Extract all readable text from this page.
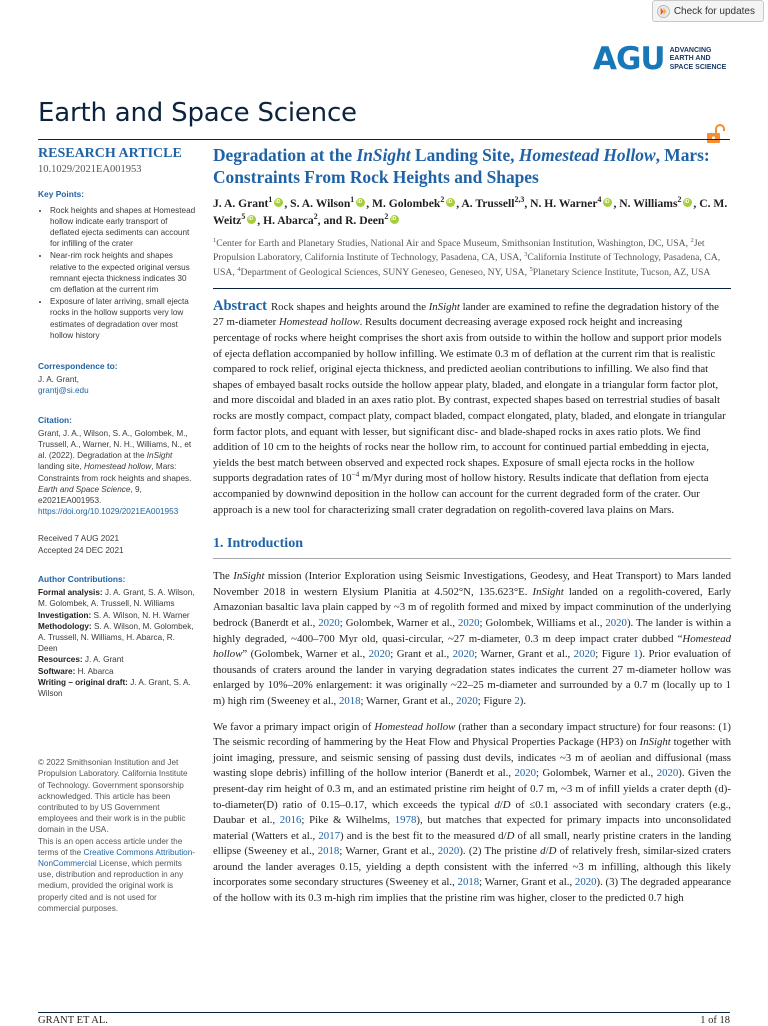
Check for updates
AGU ADVANCING
EARTH AND
SPACE SCIENCE
Earth and Space Science

RESEARCH ARTICLE

10.1029/2021EA001953

Key Points:

• Rock heights and shapes at Homestead hollow indicate early transport of deflated ejecta sediments can account for infilling of the crater
• Near-rim rock heights and shapes relative to the expected original versus remnant ejecta thickness indicates 30 cm deflation at the current rim
• Exposure of later arriving, small ejecta rocks in the hollow supports very low estimates of degradation over most hollow history

Correspondence to:

J. A. Grant,
grantj@si.edu

Citation:

Grant, J. A., Wilson, S. A., Golombek, M., Trussell, A., Warner, N. H., Williams, N., et al. (2022). Degradation at the InSight landing site, Homestead hollow, Mars: Constraints from rock heights and shapes. Earth and Space Science, 9, e2021EA001953. https://doi.org/10.1029/2021EA001953
Received 7 AUG 2021
Accepted 24 DEC 2021

Author Contributions:

Formal analysis: J. A. Grant, S. A. Wilson, M. Golombek, A. Trussell, N. Williams
Investigation: S. A. Wilson, N. H. Warner
Methodology: S. A. Wilson, M. Golombek, A. Trussell, N. Williams, H. Abarca, R. Deen
Resources: J. A. Grant
Software: H. Abarca
Writing – original draft: J. A. Grant, S. A. Wilson
© 2022 Smithsonian Institution and Jet Propulsion Laboratory. California Institute of Technology. Government sponsorship acknowledged. This article has been contributed to by US Government employees and their work is in the public domain in the USA.
This is an open access article under the terms of the Creative Commons Attribution-NonCommercial License, which permits use, distribution and reproduction in any medium, provided the original work is properly cited and is not used for commercial purposes.
Degradation at the InSight Landing Site, Homestead Hollow, Mars: Constraints From Rock Heights and Shapes

J. A. Grant$^1$ iD , S. A. Wilson$^1$ iD , M. Golombek$^2$ iD , A. Trussell$^{2,3}$, N. H. Warner$^4$ iD , N. Williams$^2$ iD , C. M. Weitz$^5$ iD , H. Abarca$^2$, and R. Deen$^2$iD

$^1$Center for Earth and Planetary Studies, National Air and Space Museum, Smithsonian Institution, Washington, DC, USA, $^2$Jet Propulsion Laboratory, California Institute of Technology, Pasadena, CA, USA, $^3$California Institute of Technology, Pasadena, CA, USA, $^4$Department of Geological Sciences, SUNY Geneseo, Geneseo, NY, USA, $^5$Planetary Science Institute, Tucson, AZ, USA

Abstract Rock shapes and heights around the InSight lander are examined to refine the degradation history of the 27 m-diameter Homestead hollow. Results document decreasing average exposed rock height and increasing percentage of rocks where height comprises the short axis from outside to within the hollow and support prior models of ejecta deflation accompanied by hollow infilling. We estimate 0.3 m of deflation at the current rim that is realistic compared to rock relief, original ejecta thickness, and predicted aeolian contributions to infilling. We also find that shapes of embayed basalt rocks outside the hollow appear platy, bladed, and elongate in a triangular form factor plot, and more discoidal and bladed in an axes ratio plot. By contrast, expected shapes based on terrestrial studies of basalt rocks are mostly compact, compact platy, compact bladed, compact elongated, platy, bladed, and elongate in triangular form factor plots, and equant with lesser, but significant disc- and blade-shaped rocks in axes ratio plots. We find addition of 10 cm to the heights of rocks near the hollow rim, to account for continued partial embedding in ejecta, yields the best match between observed and expected rock shapes. Exposure of small ejecta rocks in the hollow supports degradation rates of $10^{-4}$ m/Myr during most of hollow history. Results indicate that deflation from ejecta accompanied by downwind deposition in the hollow can account for the current degraded form of the crater. Our approach is a new tool for characterizing small crater degradation on regolith-covered lava plains on Mars.

1. Introduction

The InSight mission (Interior Exploration using Seismic Investigations, Geodesy, and Heat Transport) to Mars landed November 2018 in western Elysium Planitia at 4.502°N, 135.623°E. InSight landed on a regolith-covered, Early Amazonian basaltic lava plain capped by ~3 m of regolith formed and mixed by impact comminution of the underlying bedrock (Banerdt et al., 2020; Golombek, Warner et al., 2020; Golombek, Williams et al., 2020). The lander is within a highly degraded, ~400–700 Myr old, quasi-circular, ~27 m-diameter, 0.3 m deep impact crater dubbed “Homestead hollow” (Golombek, Warner et al., 2020; Grant et al., 2020; Warner, Grant et al., 2020; Figure 1). Prior evaluation of thousands of craters around the lander in varying degradation states indicates the current 27 m-diameter hollow was enlarged by 10%–20% enlargement: it was originally ~22–25 m-diameter and surrounded by a 0.7 m (locally up to 1 m) high rim (Sweeney et al., 2018; Warner, Grant et al., 2020; Figure 2).

We favor a primary impact origin of Homestead hollow (rather than a secondary impact structure) for four reasons: (1) The seismic recording of hammering by the Heat Flow and Physical Properties Package (HP3) on InSight together with joint imaging, pressure, and seismic sensing of passing dust devils, indicates ~3 m of aeolian and diffusional (mass wasting slope debris) infilling of the hollow interior (Banerdt et al., 2020; Golombek, Warner et al., 2020). Given the present-day rim height of 0.3 m, and an estimated pristine rim height of 0.7 m, ~3 m of infill yields a crater depth (d)-to-diameter(D) ratio of 0.15–0.17, which exceeds the typical d/D of ≤0.1 associated with secondary craters (e.g., Daubar et al., 2016; Pike & Wilhelms, 1978), but matches that expected for primary impacts into unconsolidated material (Watters et al., 2017) and is the best fit to the measured d/D of all small, nearly pristine craters in the landing ellipse (Sweeney et al., 2018; Warner, Grant et al., 2020). (2) The pristine d/D of relatively fresh, similar-sized craters around the lander averages 0.15, yielding a depth consistent with the inferred ~3 m infilling, although this likely incorporates some secondary structures (Sweeney et al., 2018; Warner, Grant et al., 2020). (3) The degraded appearance of the hollow with its 0.3 m-high rim implies that the pristine rim was higher, closer to the predicted 0.7 high

GRANT ET AL.	1 of 18
